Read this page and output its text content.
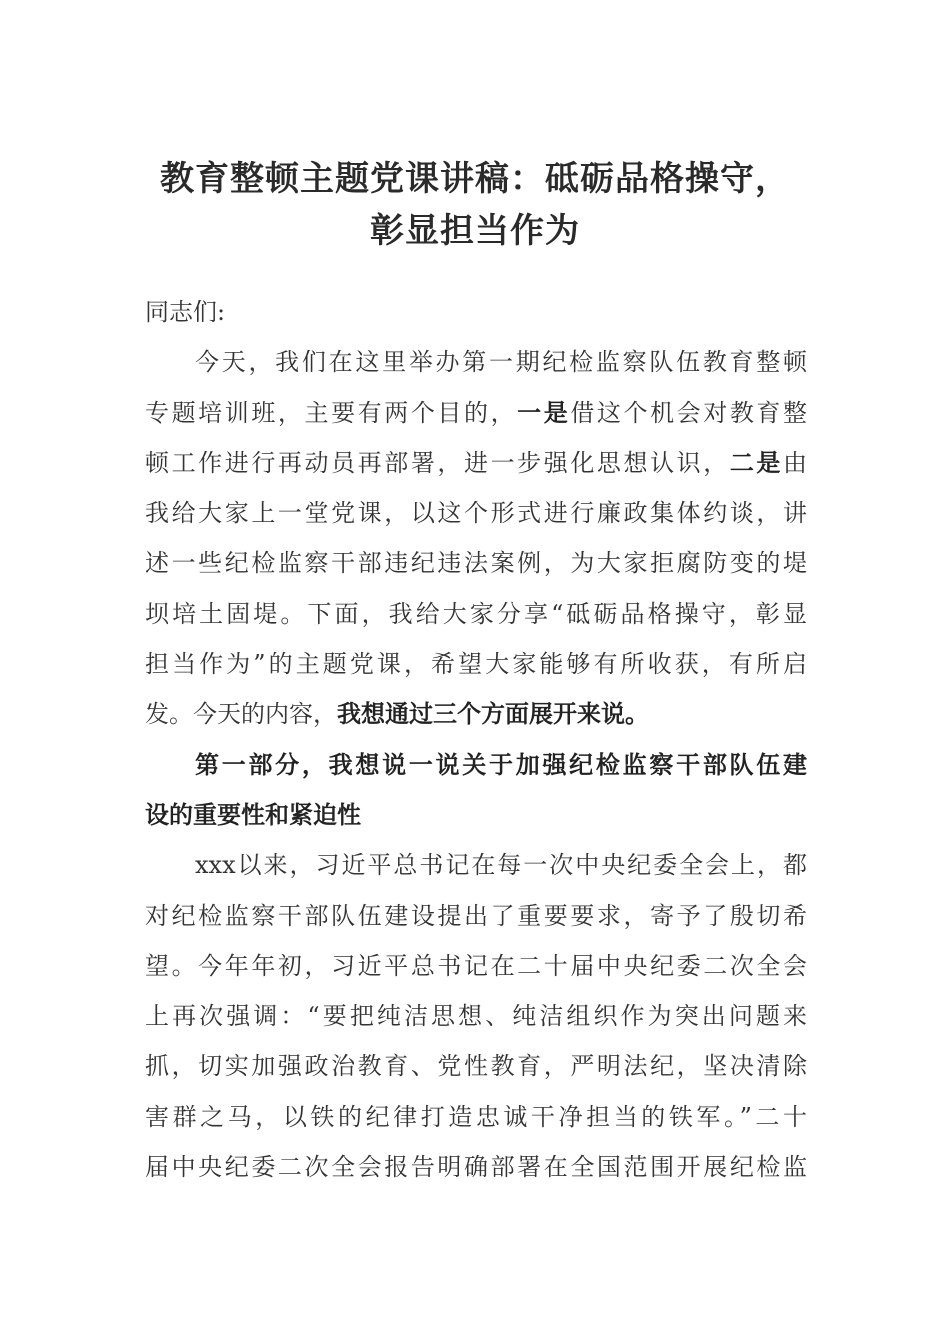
教育整顿主题党课讲稿：砥砺品格操守，
彰显担当作为
同志们:
今天，我们在这里举办第一期纪检监察队伍教育整顿
专题培训班，主要有两个目的，一是借这个机会对教育整
顿工作进行再动员再部署，进一步强化思想认识，二是由
我给大家上一堂党课，以这个形式进行廉政集体约谈，讲
述一些纪检监察干部违纪违法案例，为大家拒腐防变的堤
坝培土固堤。下面，我给大家分享“砥砺品格操守，彰显
担当作为”的主题党课，希望大家能够有所收获，有所启
发。今天的内容，我想通过三个方面展开来说。
第一部分，我想说一说关于加强纪检监察干部队伍建
设的重要性和紧迫性
xxx以来，习近平总书记在每一次中央纪委全会上，都
对纪检监察干部队伍建设提出了重要要求，寄予了殷切希
望。今年年初，习近平总书记在二十届中央纪委二次全会
上再次强调：“要把纯洁思想、纯洁组织作为突出问题来
抓，切实加强政治教育、党性教育，严明法纪，坚决清除
害群之马，以铁的纪律打造忠诚干净担当的铁军。”二十
届中央纪委二次全会报告明确部署在全国范围开展纪检监
